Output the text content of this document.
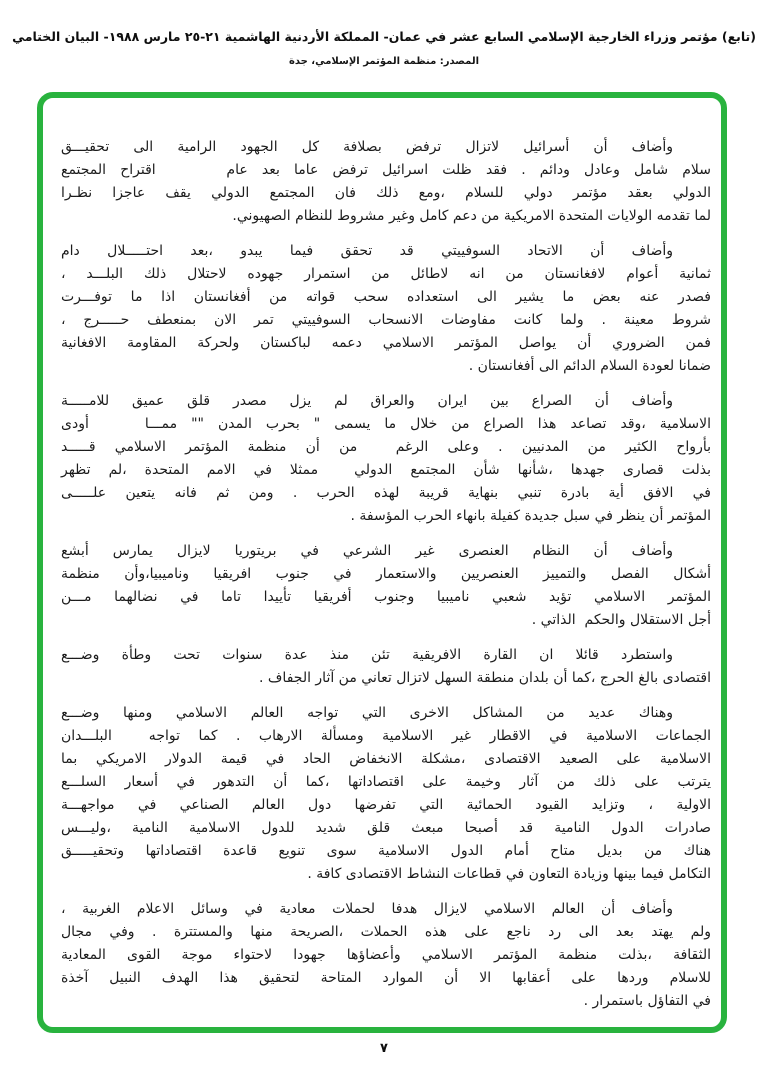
(تابع) مؤتمر وزراء الخارجية الإسلامي السابع عشر في عمان- المملكة الأردنية الهاشمية ٢١-٢٥ مارس ١٩٨٨- البيان الختامي
المصدر: منظمة المؤتمر الإسلامي، جدة
وأضاف أن أسرائيل لاتزال ترفض بصلافة كل الجهود الرامية الى تحقيـــق
سلام شامل وعادل ودائم . فقد ظلت اسرائيل ترفض عاما بعد عام     اقتراح المجتمع
الدولي بعقد مؤتمر دولي للسلام ،ومع ذلك فان المجتمع الدولي يقف عاجزا نظـرا
لما تقدمه الولايات المتحدة الامريكية من دعم كامل وغير مشروط للنظام الصهيوني.
وأضاف أن الاتحاد السوفييتي قد تحقق فيما يبدو ،بعد احتـــــلال دام
ثمانية أعوام لافغانستان من انه لاطائل من استمرار جهوده لاحتلال ذلك البلـــد ،
فصدر عنه بعض ما يشير الى استعداده سحب قواته من أفغانستان اذا ما توفـــرت
شروط معينة . ولما كانت مفاوضات الانسحاب السوفييتي تمر الان بمنعطف حـــــرج ،
فمن الضروري أن يواصل المؤتمر الاسلامي دعمه لباكستان ولحركة المقاومة الافغانية
ضمانا لعودة السلام الدائم الى أفغانستان .
وأضاف أن الصراع بين ايران والعراق لم يزل مصدر قلق عميق للامـــــة
الاسلامية ،وقد تصاعد هذا الصراع من خلال ما يسمى " بحرب المدن "" ممـــا    أودى
بأرواح الكثير من المدنيين . وعلى الرغم  من أن منظمة المؤتمر الاسلامي قـــــد
بذلت قصارى جهدها ،شأنها شأن المجتمع الدولي  ممثلا في الامم المتحدة ،لم تظهر
في الافق أية بادرة تنبي بنهاية قريبة لهذه الحرب . ومن ثم فانه يتعين علـــــى
المؤتمر أن ينظر في سبل جديدة كفيلة بانهاء الحرب المؤسفة .
وأضاف أن النظام العنصرى غير الشرعي في بريتوريا لايزال يمارس أبشع
أشكال الفصل والتمييز العنصريين والاستعمار في جنوب افريقيا وناميبيا،وأن منظمة
المؤتمر الاسلامي تؤيد شعبي ناميبيا وجنوب أفريقيا تأييدا تاما في نضالهما مـــن
أجل الاستقلال والحكم  الذاتي .
واستطرد قائلا ان القارة الافريقية تئن منذ عدة سنوات تحت وطأة وضـــع
اقتصادى بالغ الحرج ،كما أن بلدان منطقة السهل لاتزال تعاني من آثار الجفاف .
وهناك عديد من المشاكل الاخرى التي تواجه العالم الاسلامي ومنها وضـــع
الجماعات الاسلامية في الاقطار غير الاسلامية ومسألة الارهاب . كما تواجه  البلـــدان
الاسلامية على الصعيد الاقتصادى ،مشكلة الانخفاض الحاد في قيمة الدولار الامريكي بما
يترتب على ذلك من آثار وخيمة على اقتصاداتها ،كما أن التدهور في أسعار السلـــع
الاولية ، وتزايد القيود الحمائية التي تفرضها دول العالم الصناعي في مواجهـــة
صادرات الدول النامية قد أصبحا مبعث قلق شديد للدول الاسلامية النامية ،وليـــس
هناك من بديل متاح أمام الدول الاسلامية سوى تنويع قاعدة اقتصاداتها وتحقيـــــق
التكامل فيما بينها وزيادة التعاون في قطاعات النشاط الاقتصادى كافة .
وأضاف أن العالم الاسلامي لايزال هدفا لحملات معادية في وسائل الاعلام الغربية ،
ولم يهتد بعد الى رد ناجع على هذه الحملات ،الصريحة منها والمستترة . وفي مجال
الثقافة ،بذلت منظمة المؤتمر الاسلامي وأعضاؤها جهودا لاحتواء موجة القوى المعادية
للاسلام وردها على أعقابها الا أن الموارد المتاحة لتحقيق هذا الهدف النبيل آخذة
في التفاؤل باستمرار .
٧
